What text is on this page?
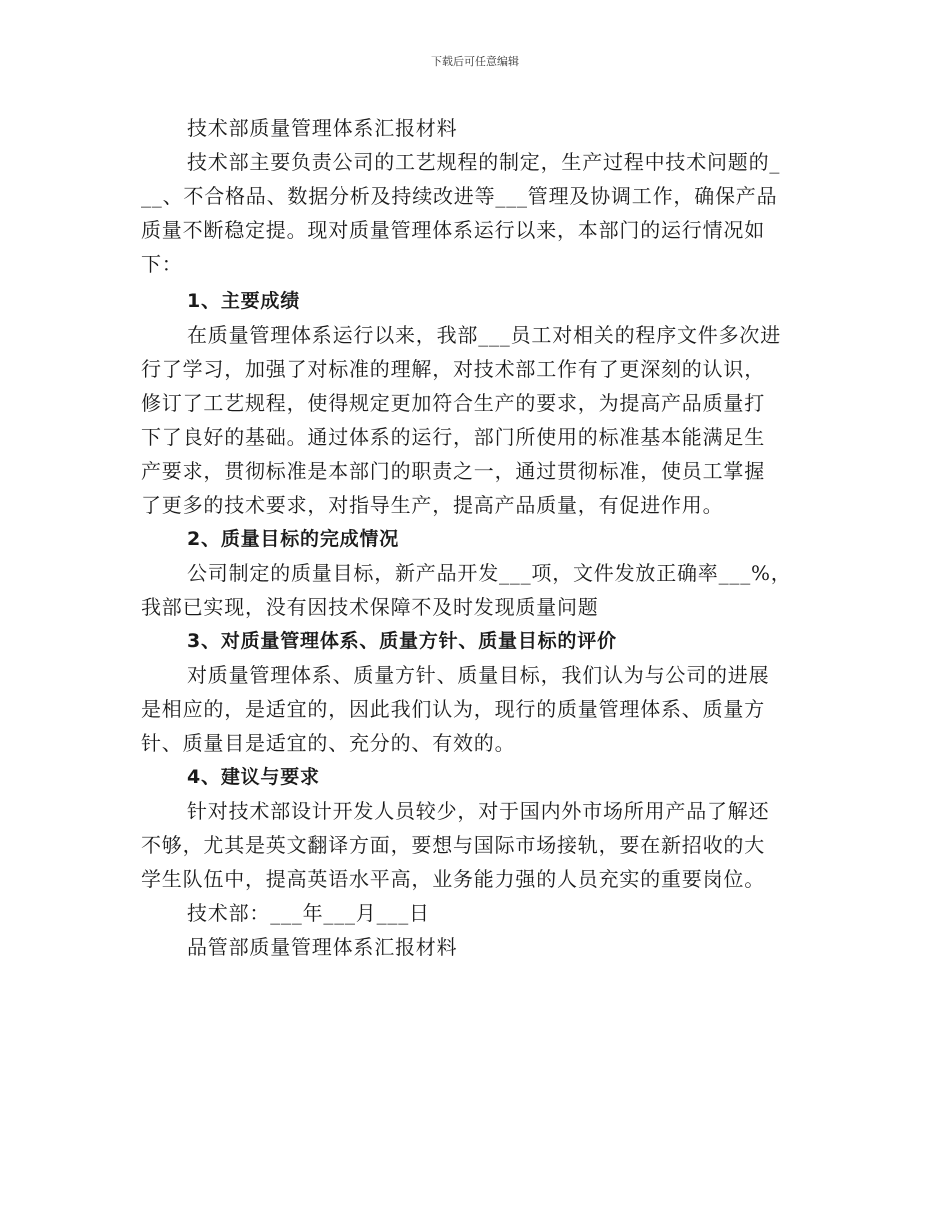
下载后可任意编辑
技术部质量管理体系汇报材料
技术部主要负责公司的工艺规程的制定，生产过程中技术问题的_
__、不合格品、数据分析及持续改进等___管理及协调工作，确保产品
质量不断稳定提。现对质量管理体系运行以来，本部门的运行情况如
下：
1、主要成绩
在质量管理体系运行以来，我部___员工对相关的程序文件多次进
行了学习，加强了对标准的理解，对技术部工作有了更深刻的认识，
修订了工艺规程，使得规定更加符合生产的要求，为提高产品质量打
下了良好的基础。通过体系的运行，部门所使用的标准基本能满足生
产要求，贯彻标准是本部门的职责之一，通过贯彻标准，使员工掌握
了更多的技术要求，对指导生产，提高产品质量，有促进作用。
2、质量目标的完成情况
公司制定的质量目标，新产品开发___项，文件发放正确率___%，
我部已实现，没有因技术保障不及时发现质量问题
3、对质量管理体系、质量方针、质量目标的评价
对质量管理体系、质量方针、质量目标，我们认为与公司的进展
是相应的，是适宜的，因此我们认为，现行的质量管理体系、质量方
针、质量目是适宜的、充分的、有效的。
4、建议与要求
针对技术部设计开发人员较少，对于国内外市场所用产品了解还
不够，尤其是英文翻译方面，要想与国际市场接轨，要在新招收的大
学生队伍中，提高英语水平高，业务能力强的人员充实的重要岗位。
技术部：___年___月___日
品管部质量管理体系汇报材料
